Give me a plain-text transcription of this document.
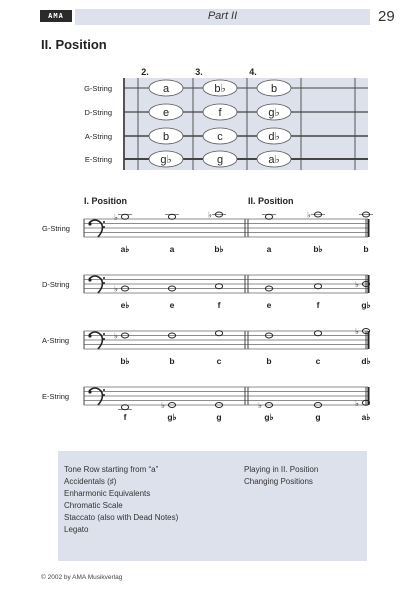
AMA	Part II	29
II. Position
2.	3.	4.
G-String	a	b♭	b
D-String	e	f	g♭
A-String	b	c	d♭
E-String	g♭	g	a♭
I. Position	II. Position
G-String
♭
a♭	a
♭
b♭	a
♭
b♭	b
D-String	♭
e♭	e	f	e	f
♭
g♭
A-String	♭
b♭	b	c	b	c
♭
d♭
E-String
f
♭
g♭	g
♭
g♭	g
♭
a♭
Tone Row starting from “a”
Accidentals (♯)
Enharmonic Equivalents
Chromatic Scale
Staccato (also with Dead Notes)
Legato
Playing in II. Position
Changing Positions
© 2002 by AMA Musikverlag
